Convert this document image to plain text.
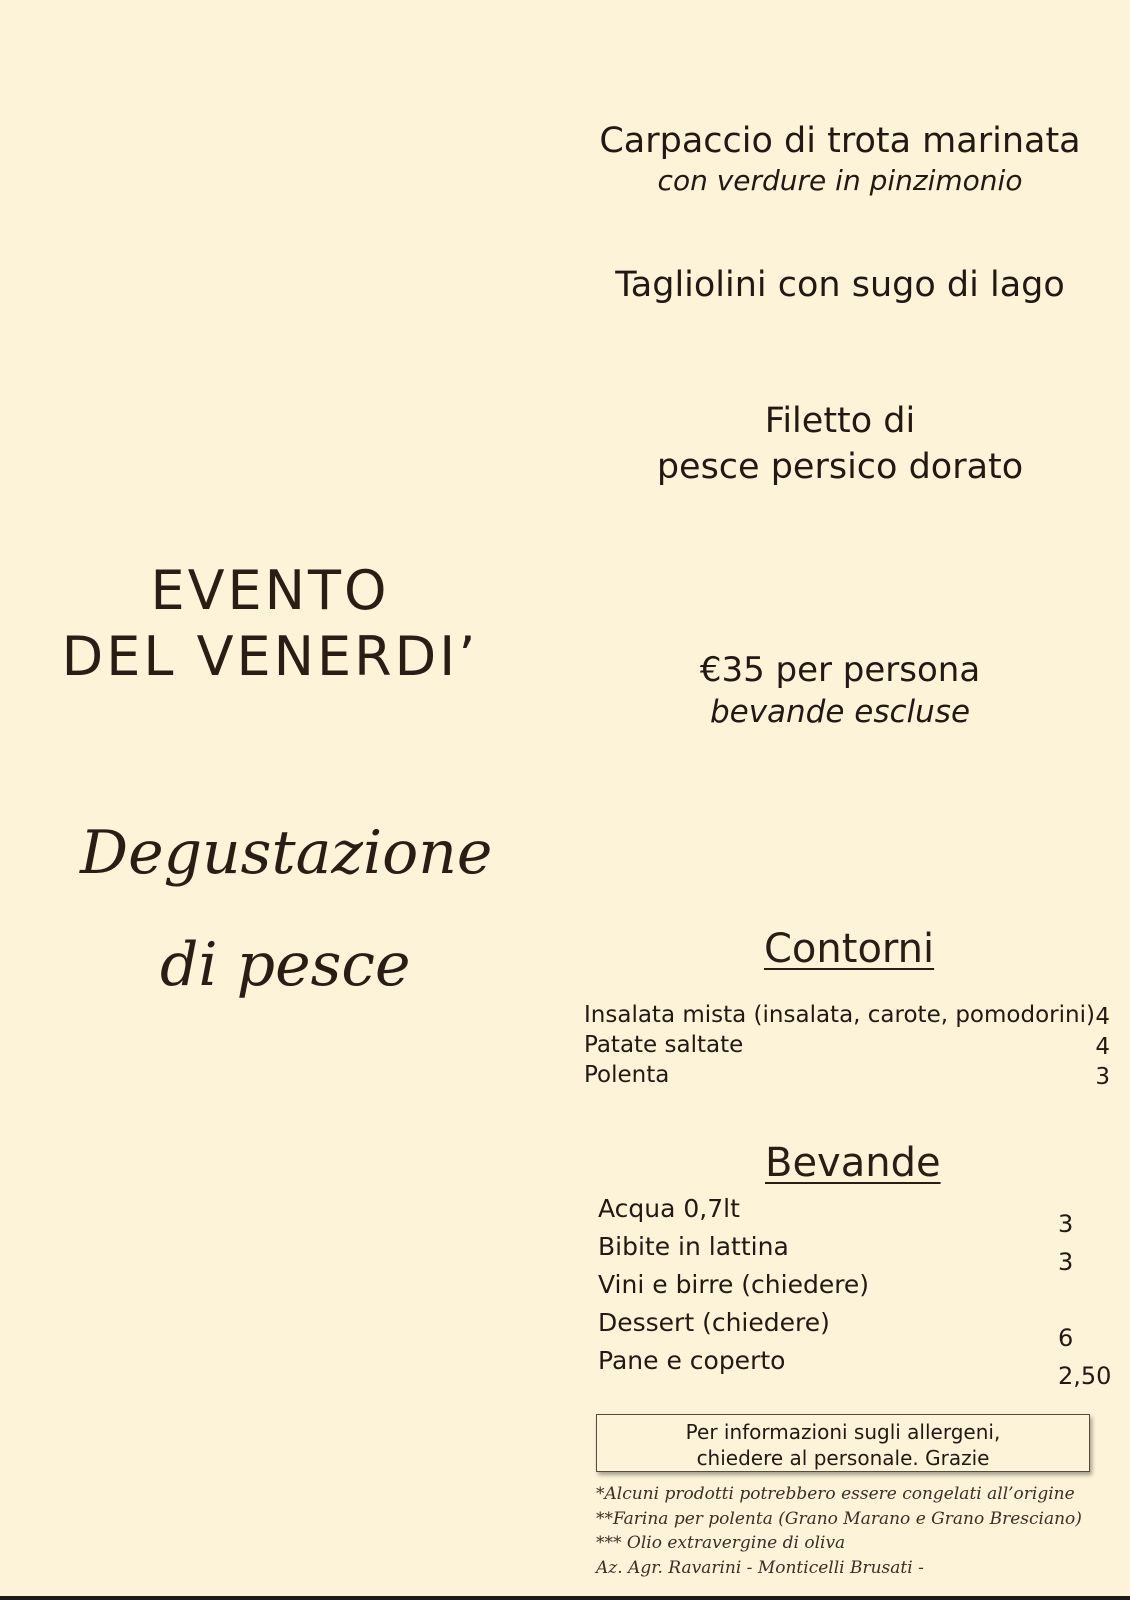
EVENTO
DEL VENERDI’
Degustazione
di pesce
Carpaccio di trota marinata
con verdure in pinzimonio
Tagliolini con sugo di lago
Filetto di
pesce persico dorato
€35 per persona
bevande escluse
Contorni
Insalata mista (insalata, carote, pomodorini) 4
Patate saltate	4
Polenta	3
Bevande
Acqua 0,7lt
Bibite in lattina
Vini e birre (chiedere)
Dessert (chiedere)
Pane e coperto
3
3
6
2,50
Per informazioni sugli allergeni,
chiedere al personale. Grazie
*Alcuni prodotti potrebbero essere congelati all’origine
**Farina per polenta (Grano Marano e Grano Bresciano)
*** Olio extravergine di oliva
Az. Agr. Ravarini - Monticelli Brusati -
